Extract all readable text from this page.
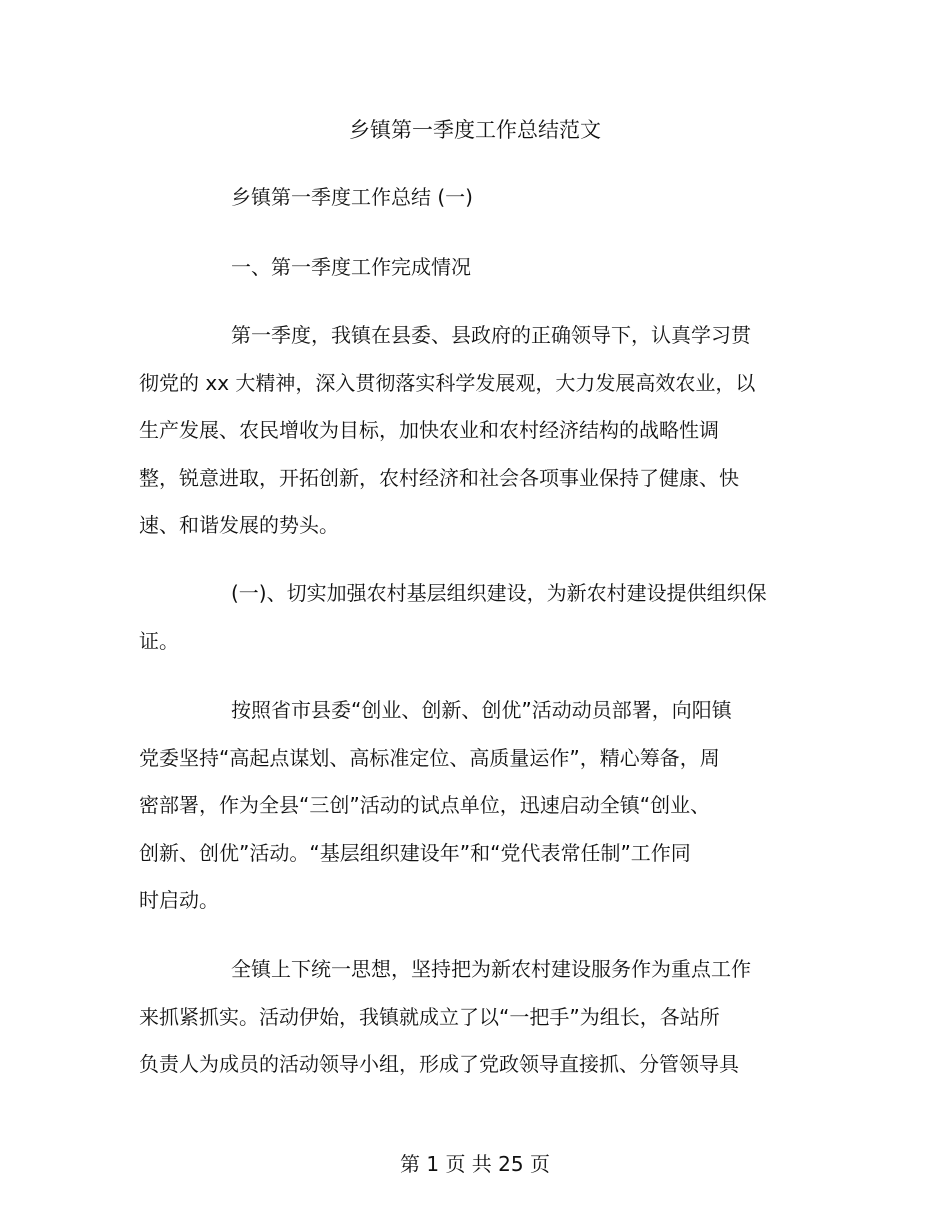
乡镇第一季度工作总结范文
乡镇第一季度工作总结 (一)
一、第一季度工作完成情况
第一季度，我镇在县委、县政府的正确领导下，认真学习贯
彻党的 xx 大精神，深入贯彻落实科学发展观，大力发展高效农业，以
生产发展、农民增收为目标，加快农业和农村经济结构的战略性调
整，锐意进取，开拓创新，农村经济和社会各项事业保持了健康、快
速、和谐发展的势头。
(一)、切实加强农村基层组织建设，为新农村建设提供组织保
证。
按照省市县委“创业、创新、创优”活动动员部署，向阳镇
党委坚持“高起点谋划、高标准定位、高质量运作”，精心筹备，周
密部署，作为全县“三创”活动的试点单位，迅速启动全镇“创业、
创新、创优”活动。“基层组织建设年”和“党代表常任制”工作同
时启动。
全镇上下统一思想，坚持把为新农村建设服务作为重点工作
来抓紧抓实。活动伊始，我镇就成立了以“一把手”为组长，各站所
负责人为成员的活动领导小组，形成了党政领导直接抓、分管领导具
第 1 页 共 25 页
